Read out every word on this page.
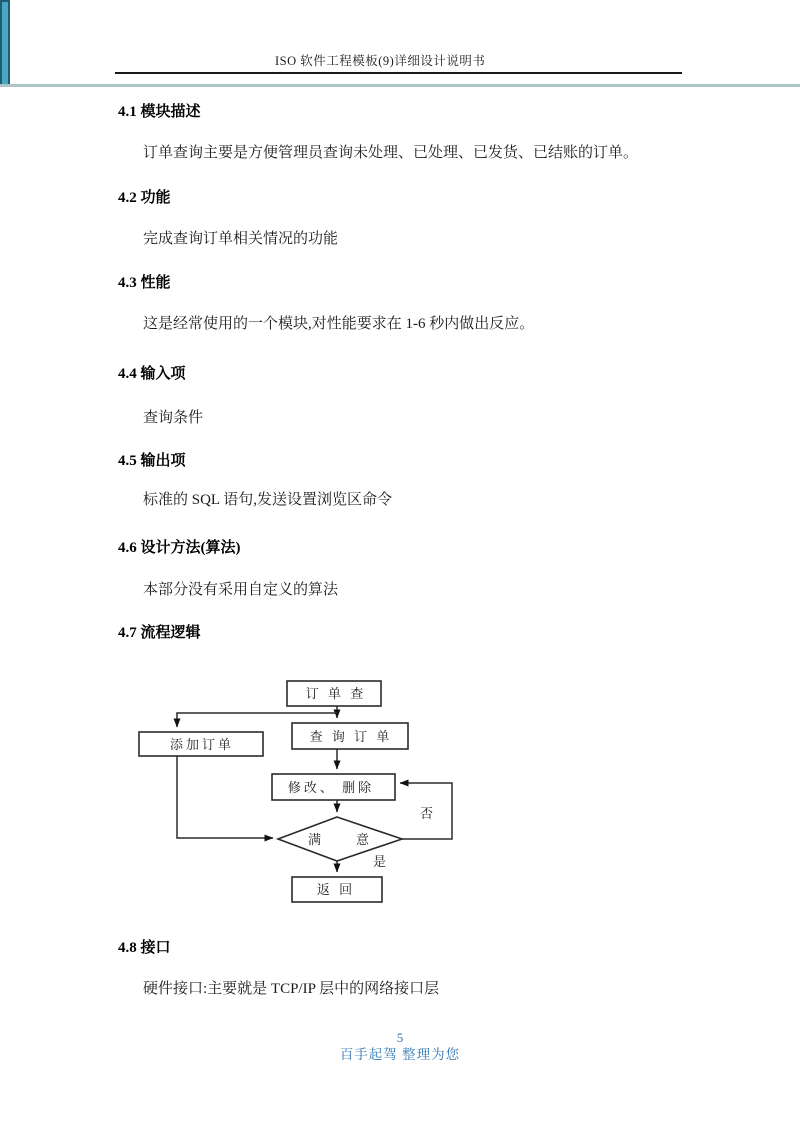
ISO 软件工程模板(9)详细设计说明书
4.1 模块描述
订单查询主要是方便管理员查询未处理、已处理、已发货、已结账的订单。
4.2 功能
完成查询订单相关情况的功能
4.3 性能
这是经常使用的一个模块,对性能要求在 1-6 秒内做出反应。
4.4 输入项
查询条件
4.5 输出项
标准的 SQL 语句,发送设置浏览区命令
4.6 设计方法(算法)
本部分没有采用自定义的算法
4.7 流程逻辑
订 单 查
添加订单
查 询 订 单
修改、 删除
满　　意
返 回
否
是
4.8 接口
硬件接口:主要就是 TCP/IP 层中的网络接口层
5
百手起驾 整理为您
